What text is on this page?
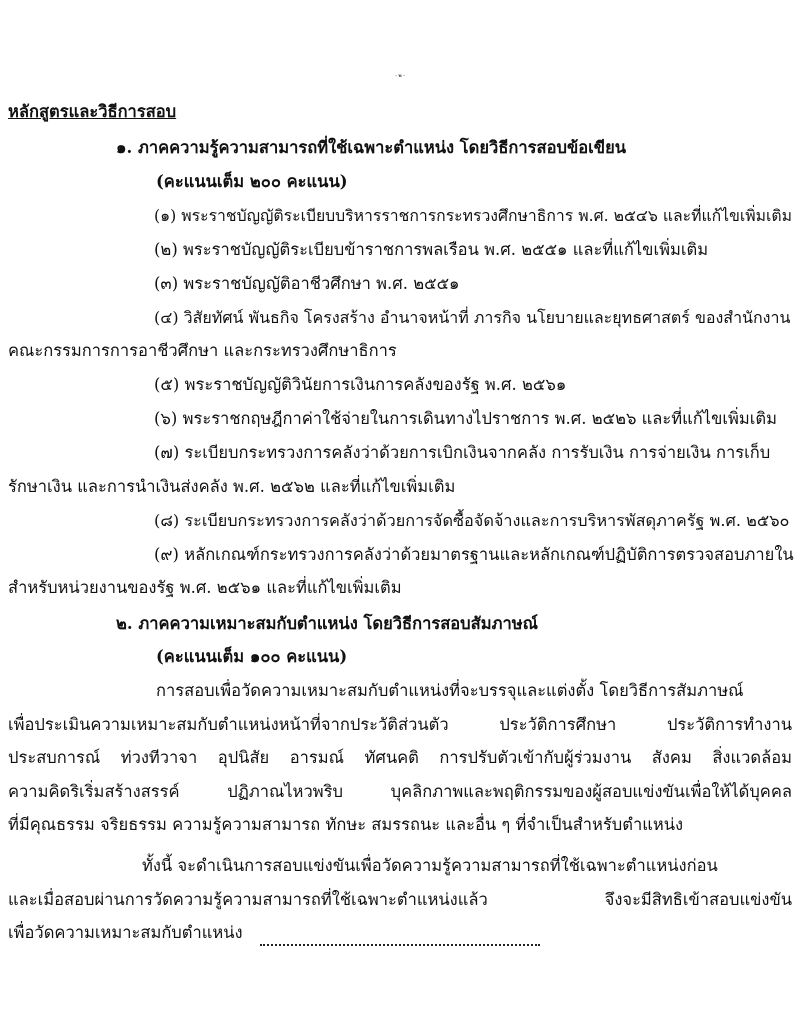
- ๒ -
หลักสูตรและวิธีการสอบ
๑. ภาคความรู้ความสามารถที่ใช้เฉพาะตำแหน่ง โดยวิธีการสอบข้อเขียน
(คะแนนเต็ม ๒๐๐ คะแนน)
(๑) พระราชบัญญัติระเบียบบริหารราชการกระทรวงศึกษาธิการ พ.ศ. ๒๕๔๖ และที่แก้ไขเพิ่มเติม
(๒) พระราชบัญญัติระเบียบข้าราชการพลเรือน พ.ศ. ๒๕๕๑ และที่แก้ไขเพิ่มเติม
(๓) พระราชบัญญัติอาชีวศึกษา พ.ศ. ๒๕๕๑
(๔) วิสัยทัศน์ พันธกิจ โครงสร้าง อำนาจหน้าที่ ภารกิจ นโยบายและยุทธศาสตร์ ของสำนักงาน
คณะกรรมการการอาชีวศึกษา และกระทรวงศึกษาธิการ
(๕) พระราชบัญญัติวินัยการเงินการคลังของรัฐ พ.ศ. ๒๕๖๑
(๖) พระราชกฤษฎีกาค่าใช้จ่ายในการเดินทางไปราชการ พ.ศ. ๒๕๒๖ และที่แก้ไขเพิ่มเติม
(๗) ระเบียบกระทรวงการคลังว่าด้วยการเบิกเงินจากคลัง การรับเงิน การจ่ายเงิน การเก็บ
รักษาเงิน และการนำเงินส่งคลัง พ.ศ. ๒๕๖๒ และที่แก้ไขเพิ่มเติม
(๘) ระเบียบกระทรวงการคลังว่าด้วยการจัดซื้อจัดจ้างและการบริหารพัสดุภาครัฐ พ.ศ. ๒๕๖๐
(๙) หลักเกณฑ์กระทรวงการคลังว่าด้วยมาตรฐานและหลักเกณฑ์ปฏิบัติการตรวจสอบภายใน
สำหรับหน่วยงานของรัฐ พ.ศ. ๒๕๖๑ และที่แก้ไขเพิ่มเติม
๒. ภาคความเหมาะสมกับตำแหน่ง โดยวิธีการสอบสัมภาษณ์
(คะแนนเต็ม ๑๐๐ คะแนน)
การสอบเพื่อวัดความเหมาะสมกับตำแหน่งที่จะบรรจุและแต่งตั้ง โดยวิธีการสัมภาษณ์
เพื่อประเมินความเหมาะสมกับตำแหน่งหน้าที่จากประวัติส่วนตัว ประวัติการศึกษา ประวัติการทำงาน
ประสบการณ์ ท่วงทีวาจา อุปนิสัย อารมณ์ ทัศนคติ การปรับตัวเข้ากับผู้ร่วมงาน สังคม สิ่งแวดล้อม
ความคิดริเริ่มสร้างสรรค์ ปฏิภาณไหวพริบ บุคลิกภาพและพฤติกรรมของผู้สอบแข่งขันเพื่อให้ได้บุคคล
ที่มีคุณธรรม จริยธรรม ความรู้ความสามารถ ทักษะ สมรรถนะ และอื่น ๆ ที่จำเป็นสำหรับตำแหน่ง
ทั้งนี้ จะดำเนินการสอบแข่งขันเพื่อวัดความรู้ความสามารถที่ใช้เฉพาะตำแหน่งก่อน
และเมื่อสอบผ่านการวัดความรู้ความสามารถที่ใช้เฉพาะตำแหน่งแล้ว จึงจะมีสิทธิเข้าสอบแข่งขัน
เพื่อวัดความเหมาะสมกับตำแหน่ง
